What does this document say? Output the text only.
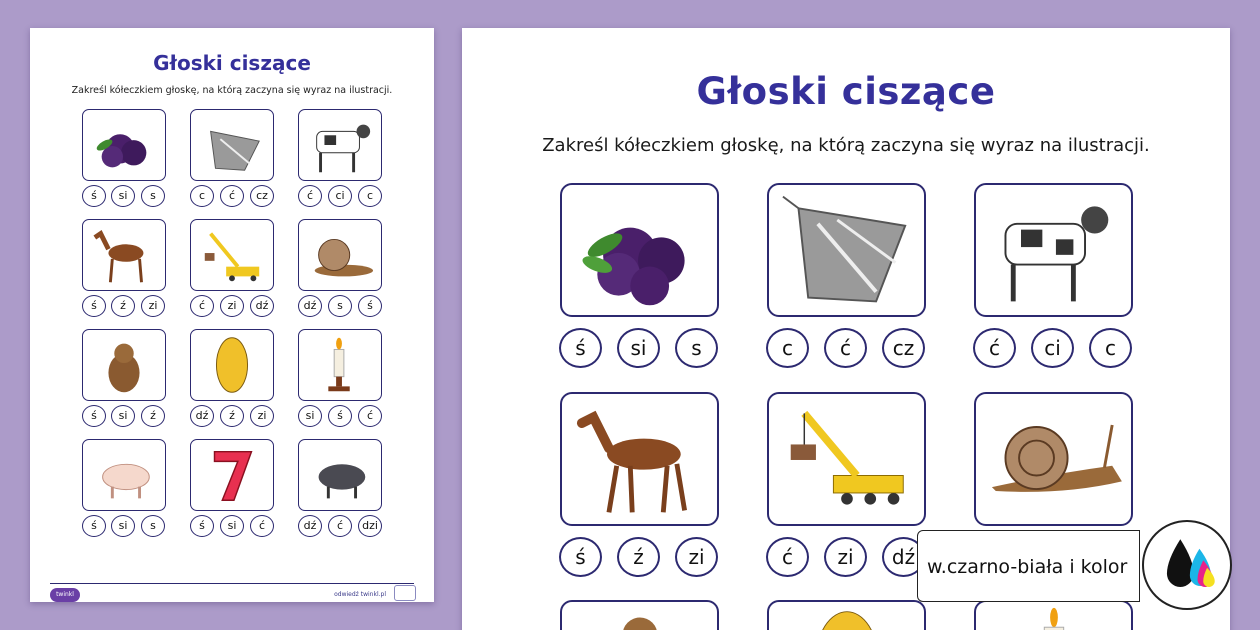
Głoski ciszące
Zakreśl kółeczkiem głoskę, na którą zaczyna się wyraz na ilustracji.
ś	si	s	c	ć	cz	ć	ci	c
ś	ź	zi	ć	zi	dź	dź	s	ś
ś	si	ź	dź	ź	zi	si	ś	ć
ś	si	s	ś	si	ć	dź	ć	dzi
twinkl	odwiedź twinkl.pl
Głoski ciszące
Zakreśl kółeczkiem głoskę, na którą zaczyna się wyraz na ilustracji.
ś	si	s	c	ć	cz	ć	ci	c
ś	ź	zi	ć	zi	dź w.czarno-biała i kolor
